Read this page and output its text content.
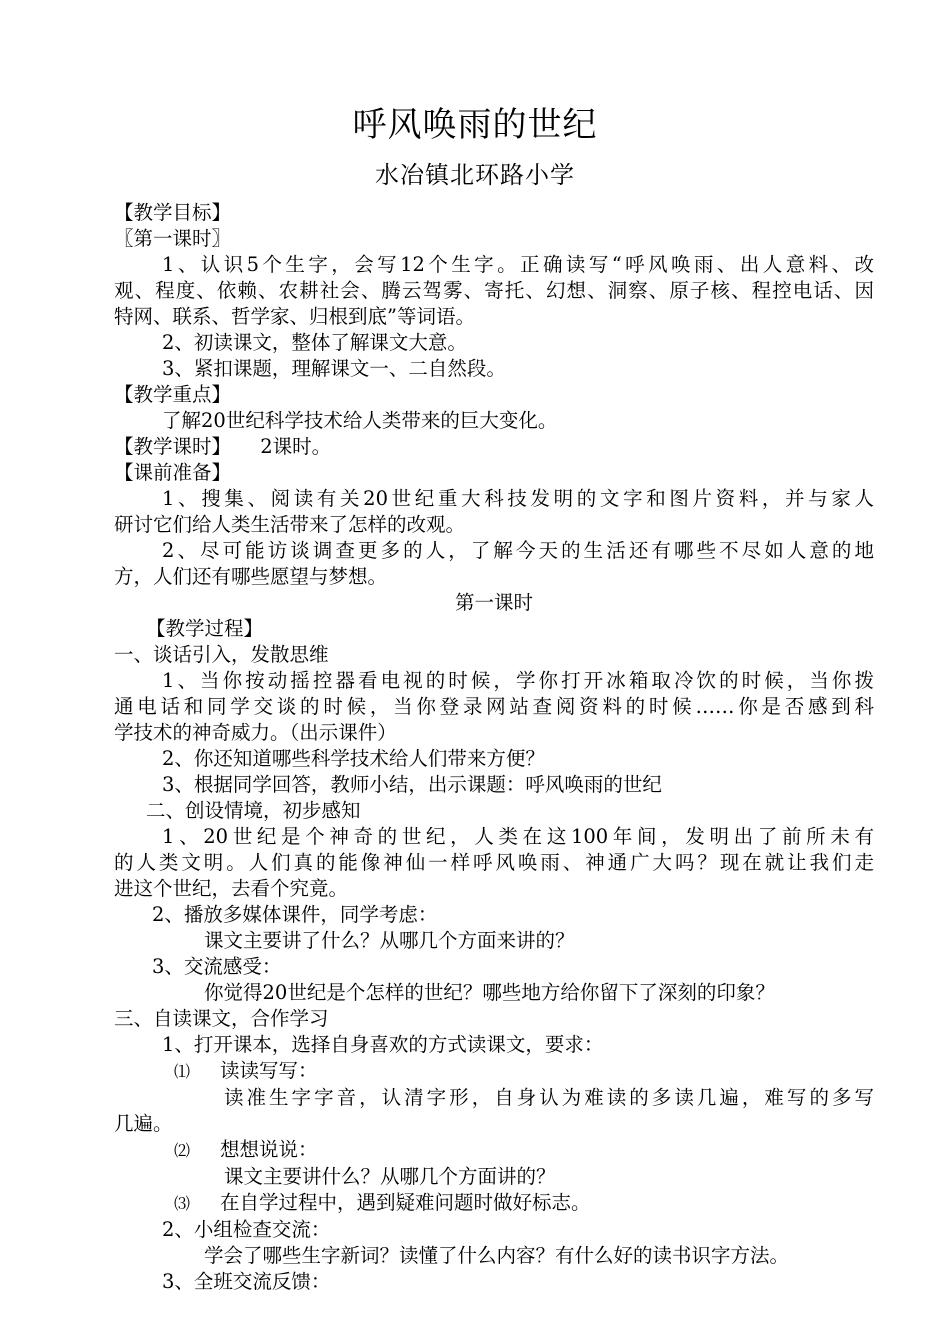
呼风唤雨的世纪
水冶镇北环路小学
【教学目标】
〖第一课时〗
1、认识5个生字，会写12个生字。正确读写“呼风唤雨、出人意料、改
观、程度、依赖、农耕社会、腾云驾雾、寄托、幻想、洞察、原子核、程控电话、因
特网、联系、哲学家、归根到底”等词语。
2、初读课文，整体了解课文大意。
3、紧扣课题，理解课文一、二自然段。
【教学重点】
了解20世纪科学技术给人类带来的巨大变化。
【教学课时】　　2课时。
【课前准备】
1、搜集、阅读有关20世纪重大科技发明的文字和图片资料，并与家人
研讨它们给人类生活带来了怎样的改观。
2、尽可能访谈调查更多的人，了解今天的生活还有哪些不尽如人意的地
方，人们还有哪些愿望与梦想。
第一课时
【教学过程】
一、谈话引入，发散思维
1、当你按动摇控器看电视的时候，学你打开冰箱取冷饮的时候，当你拨
通电话和同学交谈的时候，当你登录网站查阅资料的时候……你是否感到科
学技术的神奇威力。（出示课件）
2、你还知道哪些科学技术给人们带来方便？
3、根据同学回答，教师小结，出示课题：呼风唤雨的世纪
二、创设情境，初步感知
1、20世纪是个神奇的世纪，人类在这100年间，发明出了前所未有
的人类文明。人们真的能像神仙一样呼风唤雨、神通广大吗？现在就让我们走
进这个世纪，去看个究竟。
2、播放多媒体课件，同学考虑：
课文主要讲了什么？从哪几个方面来讲的？
3、交流感受：
你觉得20世纪是个怎样的世纪？哪些地方给你留下了深刻的印象？
三、自读课文，合作学习
1、打开课本，选择自身喜欢的方式读课文，要求：
⑴ 读读写写：
读准生字字音，认清字形，自身认为难读的多读几遍，难写的多写
几遍。
⑵ 想想说说：
课文主要讲什么？从哪几个方面讲的？
⑶ 在自学过程中，遇到疑难问题时做好标志。
2、小组检查交流：
学会了哪些生字新词？读懂了什么内容？有什么好的读书识字方法。
3、全班交流反馈：
